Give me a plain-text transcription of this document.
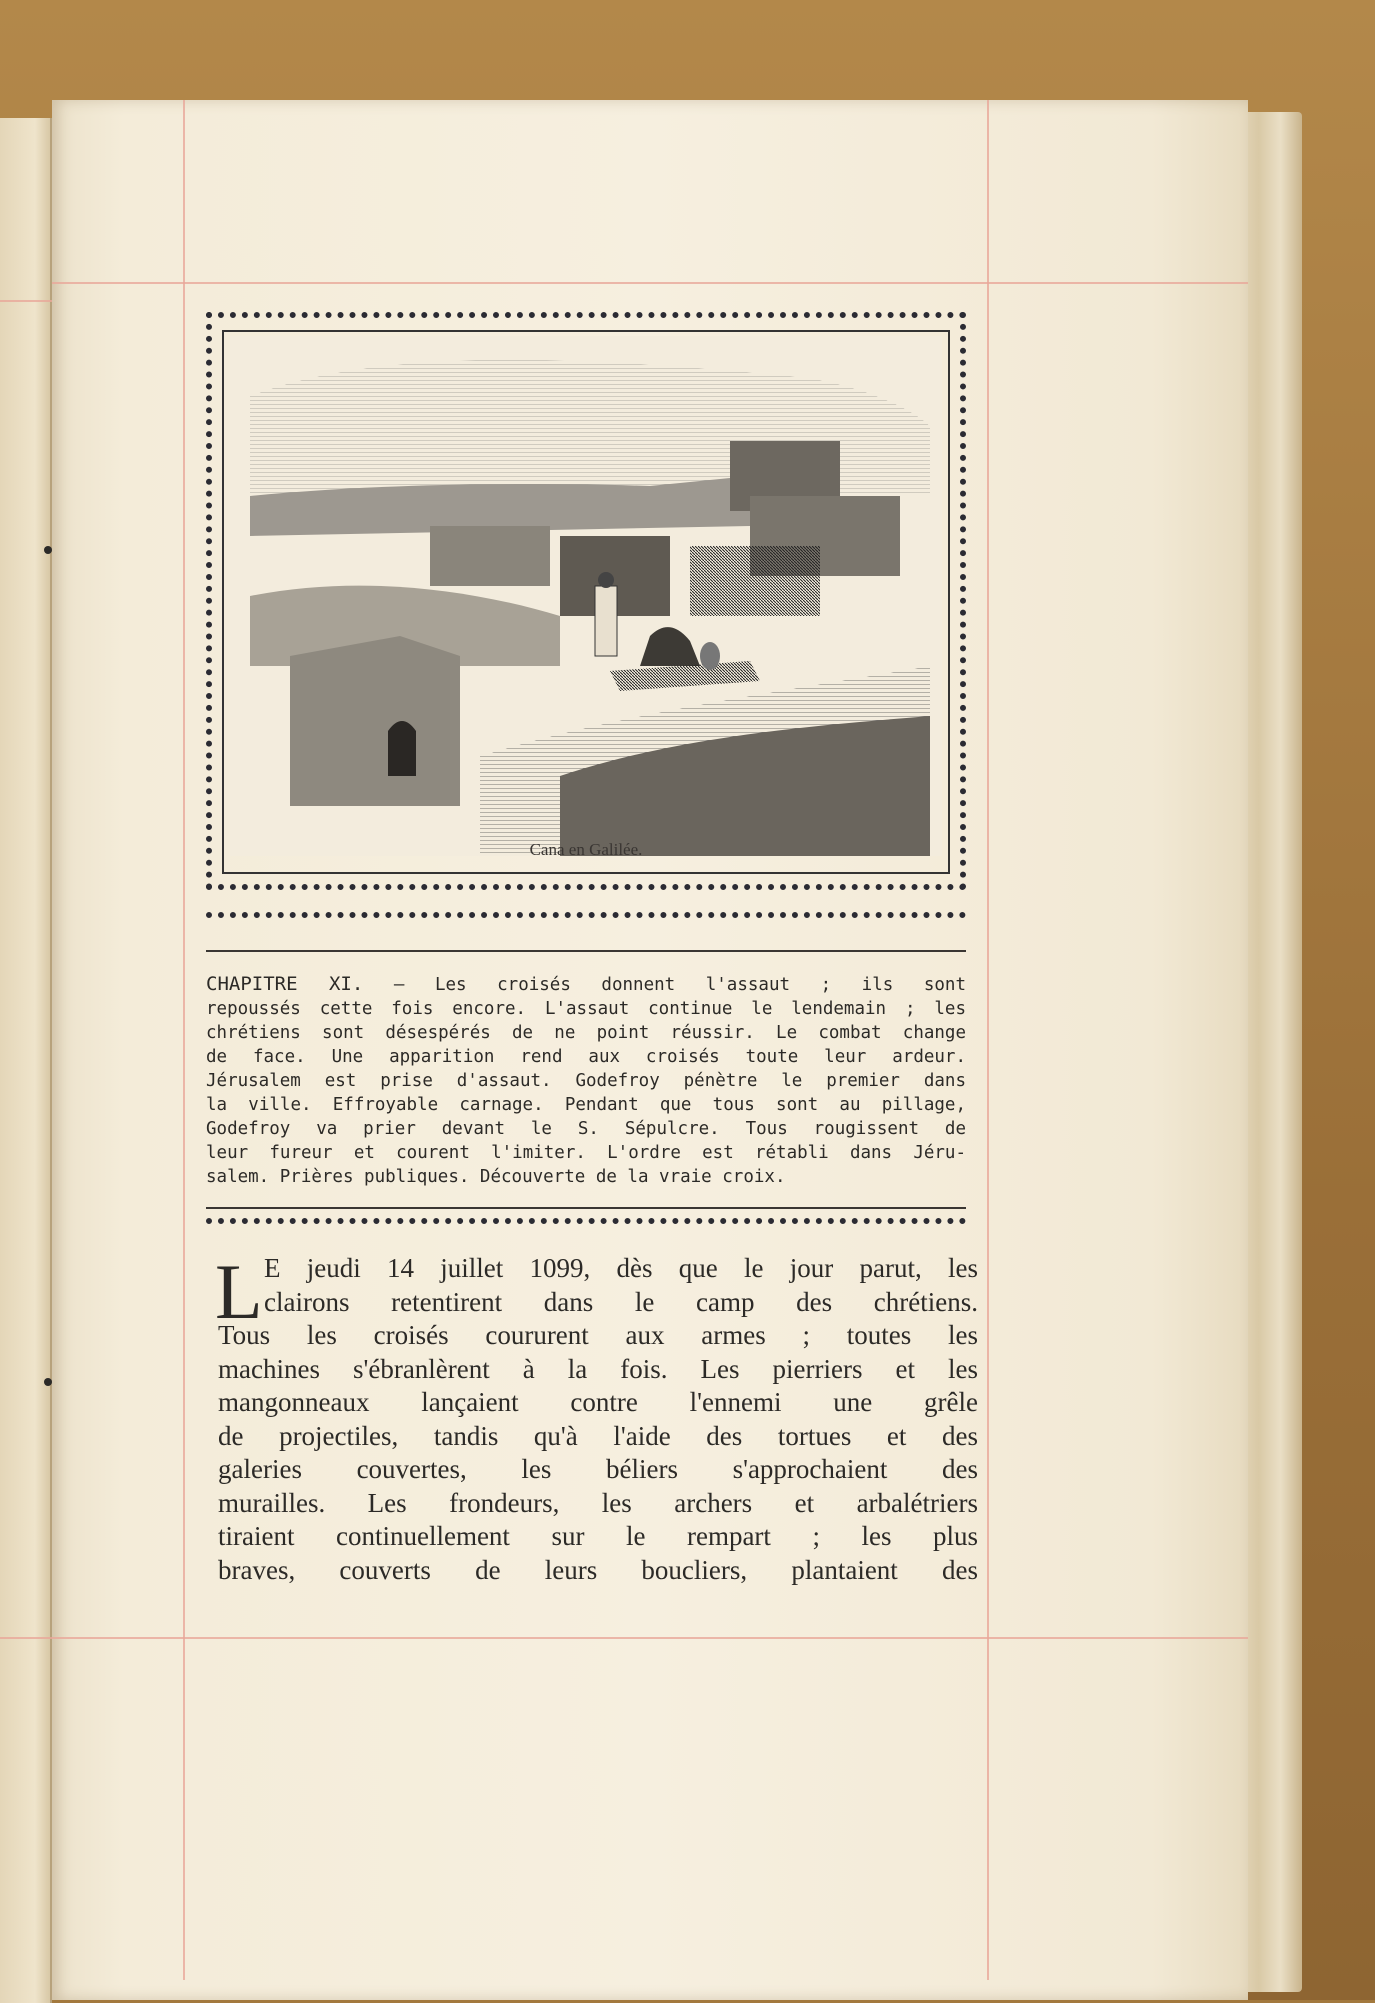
Cana en Galilée.
CHAPITRE XI. — Les croisés donnent l'assaut ; ils sont
repoussés cette fois encore. L'assaut continue le lendemain ; les
chrétiens sont désespérés de ne point réussir. Le combat change
de face. Une apparition rend aux croisés toute leur ardeur.
Jérusalem est prise d'assaut. Godefroy pénètre le premier dans
la ville. Effroyable carnage. Pendant que tous sont au pillage,
Godefroy va prier devant le S. Sépulcre. Tous rougissent de
leur fureur et courent l'imiter. L'ordre est rétabli dans Jéru-
salem. Prières publiques. Découverte de la vraie croix.
L E jeudi 14 juillet 1099, dès que le jour parut, les
clairons retentirent dans le camp des chrétiens.
Tous les croisés coururent aux armes ; toutes les
machines s'ébranlèrent à la fois. Les pierriers et les
mangonneaux lançaient contre l'ennemi une grêle
de projectiles, tandis qu'à l'aide des tortues et des
galeries couvertes, les béliers s'approchaient des
murailles. Les frondeurs, les archers et arbalétriers
tiraient continuellement sur le rempart ; les plus
braves, couverts de leurs boucliers, plantaient des
